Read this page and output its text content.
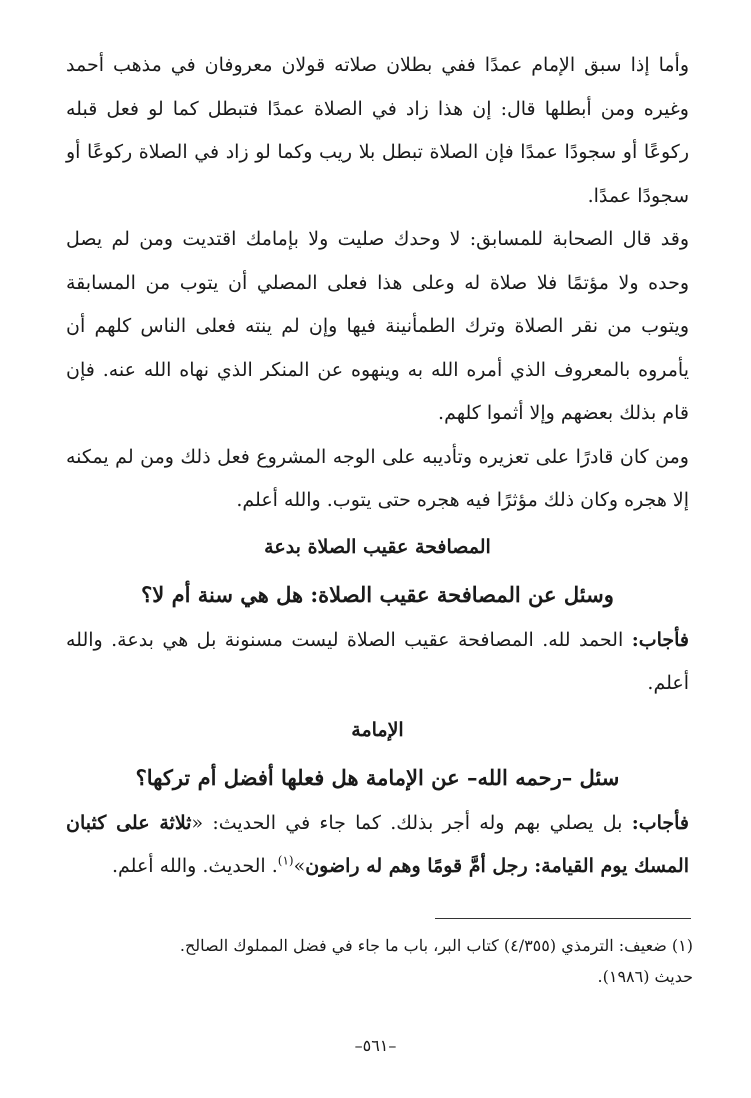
وأما إذا سبق الإمام عمدًا ففي بطلان صلاته قولان معروفان في مذهب أحمد وغيره ومن أبطلها قال: إن هذا زاد في الصلاة عمدًا فتبطل كما لو فعل قبله ركوعًا أو سجودًا عمدًا فإن الصلاة تبطل بلا ريب وكما لو زاد في الصلاة ركوعًا أو سجودًا عمدًا.

وقد قال الصحابة للمسابق: لا وحدك صليت ولا بإمامك اقتديت ومن لم يصل وحده ولا مؤتمًا فلا صلاة له وعلى هذا فعلى المصلي أن يتوب من المسابقة ويتوب من نقر الصلاة وترك الطمأنينة فيها وإن لم ينته فعلى الناس كلهم أن يأمروه بالمعروف الذي أمره الله به وينهوه عن المنكر الذي نهاه الله عنه. فإن قام بذلك بعضهم وإلا أثموا كلهم.

ومن كان قادرًا على تعزيره وتأديبه على الوجه المشروع فعل ذلك ومن لم يمكنه إلا هجره وكان ذلك مؤثرًا فيه هجره حتى يتوب. والله أعلم.

المصافحة عقيب الصلاة بدعة

وسئل عن المصافحة عقيب الصلاة: هل هي سنة أم لا؟

فأجاب: الحمد لله. المصافحة عقيب الصلاة ليست مسنونة بل هي بدعة. والله أعلم.

الإمامة

سئل –رحمه الله– عن الإمامة هل فعلها أفضل أم تركها؟

فأجاب: بل يصلي بهم وله أجر بذلك. كما جاء في الحديث: «ثلاثة على كثبان المسك يوم القيامة: رجل أمَّ قومًا وهم له راضون»$^{(١)}$. الحديث. والله أعلم.

(١) ضعيف: الترمذي (٤/٣٥٥) كتاب البر، باب ما جاء في فضل المملوك الصالح.
حديث (١٩٨٦).

–٥٦١–
